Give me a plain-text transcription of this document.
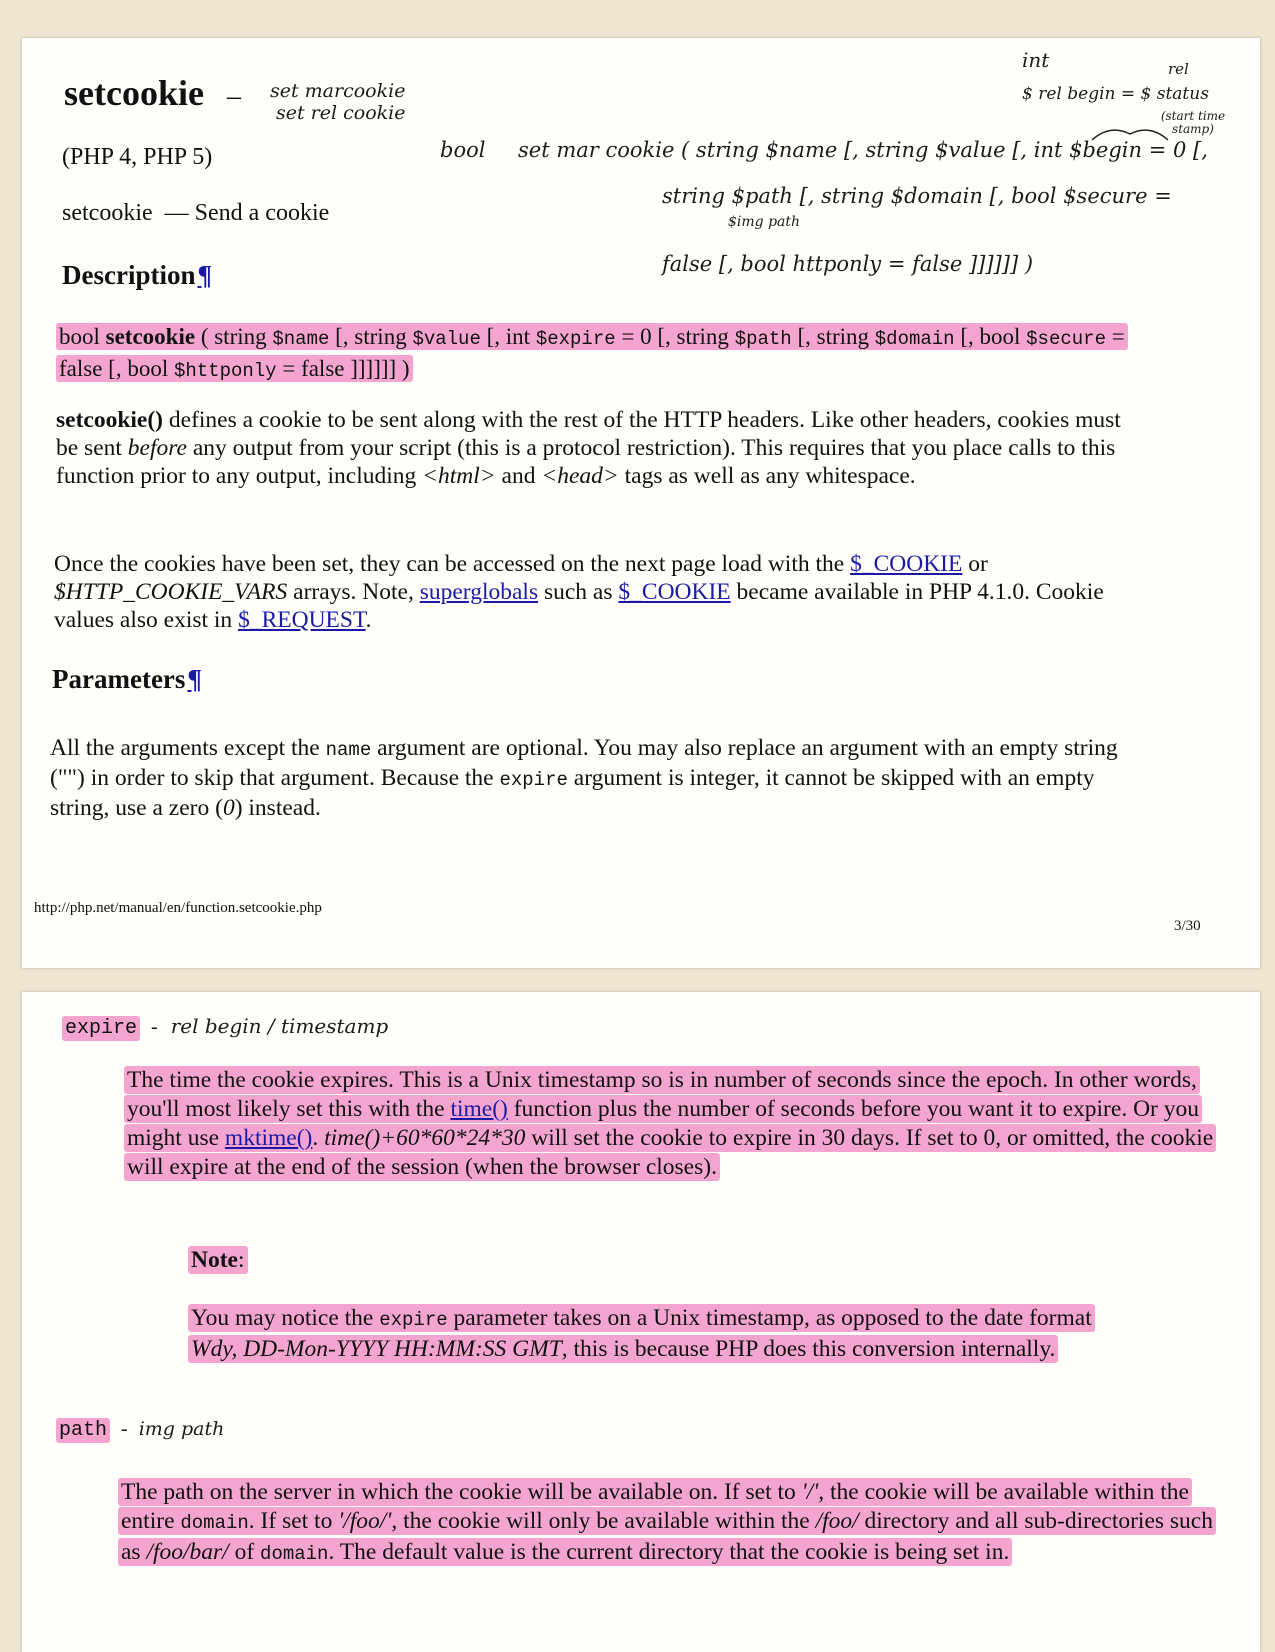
setcookie – set marcookie
set rel cookie
(PHP 4, PHP 5)
setcookie — Send a cookie
Description¶
bool set mar cookie ( string $name [, string $value [, int $begin = 0 [,
string $path [, string $domain [, bool $secure =
$img path
false [, bool httponly = false ]]]]]] )
int
$ rel begin = $ status
rel
(start time stamp)
bool setcookie ( string $name [, string $value [, int $expire = 0 [, string $path [, string $domain [, bool $secure = false [, bool $httponly = false ]]]]]] )
setcookie() defines a cookie to be sent along with the rest of the HTTP headers. Like other headers, cookies must be sent before any output from your script (this is a protocol restriction). This requires that you place calls to this function prior to any output, including <html> and <head> tags as well as any whitespace.
Once the cookies have been set, they can be accessed on the next page load with the $_COOKIE or $HTTP_COOKIE_VARS arrays. Note, superglobals such as $_COOKIE became available in PHP 4.1.0. Cookie values also exist in $_REQUEST.
Parameters¶
All the arguments except the name argument are optional. You may also replace an argument with an empty string ("") in order to skip that argument. Because the expire argument is integer, it cannot be skipped with an empty string, use a zero (0) instead.
http://php.net/manual/en/function.setcookie.php
3/30
expire - rel begin / timestamp
The time the cookie expires. This is a Unix timestamp so is in number of seconds since the epoch. In other words, you'll most likely set this with the time() function plus the number of seconds before you want it to expire. Or you might use mktime(). time()+60*60*24*30 will set the cookie to expire in 30 days. If set to 0, or omitted, the cookie will expire at the end of the session (when the browser closes).
Note:
You may notice the expire parameter takes on a Unix timestamp, as opposed to the date format Wdy, DD-Mon-YYYY HH:MM:SS GMT, this is because PHP does this conversion internally.
path - img path
The path on the server in which the cookie will be available on. If set to '/', the cookie will be available within the entire domain. If set to '/foo/', the cookie will only be available within the /foo/ directory and all sub-directories such as /foo/bar/ of domain. The default value is the current directory that the cookie is being set in.
